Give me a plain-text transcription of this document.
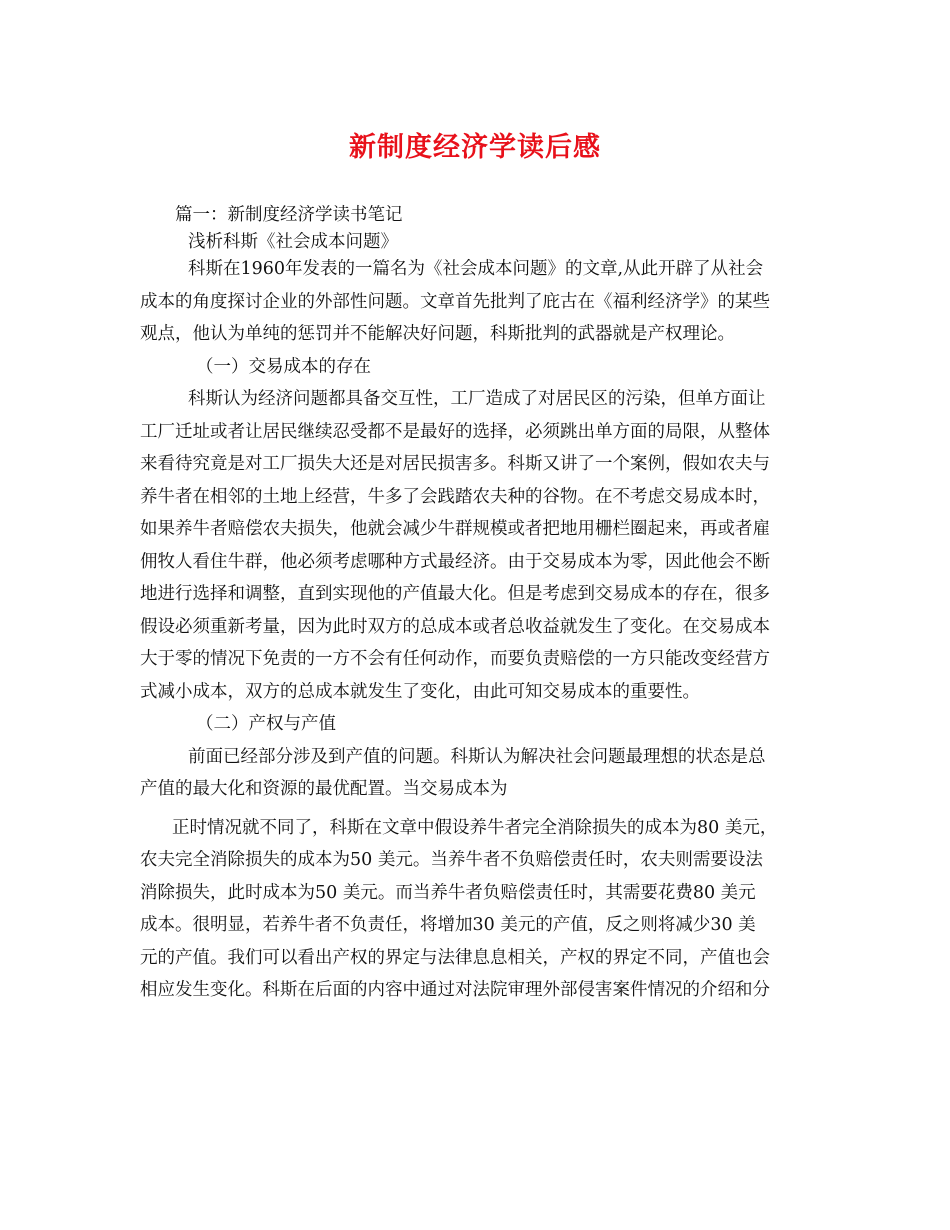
新制度经济学读后感
篇一：新制度经济学读书笔记
浅析科斯《社会成本问题》
科斯在1960年发表的一篇名为《社会成本问题》的文章,从此开辟了从社会
成本的角度探讨企业的外部性问题。文章首先批判了庇古在《福利经济学》的某些
观点，他认为单纯的惩罚并不能解决好问题，科斯批判的武器就是产权理论。
（一）交易成本的存在
科斯认为经济问题都具备交互性，工厂造成了对居民区的污染，但单方面让
工厂迁址或者让居民继续忍受都不是最好的选择，必须跳出单方面的局限，从整体
来看待究竟是对工厂损失大还是对居民损害多。科斯又讲了一个案例，假如农夫与
养牛者在相邻的土地上经营，牛多了会践踏农夫种的谷物。在不考虑交易成本时，
如果养牛者赔偿农夫损失，他就会减少牛群规模或者把地用栅栏圈起来，再或者雇
佣牧人看住牛群，他必须考虑哪种方式最经济。由于交易成本为零，因此他会不断
地进行选择和调整，直到实现他的产值最大化。但是考虑到交易成本的存在，很多
假设必须重新考量，因为此时双方的总成本或者总收益就发生了变化。在交易成本
大于零的情况下免责的一方不会有任何动作，而要负责赔偿的一方只能改变经营方
式减小成本，双方的总成本就发生了变化，由此可知交易成本的重要性。
（二）产权与产值
前面已经部分涉及到产值的问题。科斯认为解决社会问题最理想的状态是总
产值的最大化和资源的最优配置。当交易成本为
正时情况就不同了，科斯在文章中假设养牛者完全消除损失的成本为80 美元，
农夫完全消除损失的成本为50 美元。当养牛者不负赔偿责任时，农夫则需要设法
消除损失，此时成本为50 美元。而当养牛者负赔偿责任时，其需要花费80 美元
成本。很明显，若养牛者不负责任，将增加30 美元的产值，反之则将减少30 美
元的产值。我们可以看出产权的界定与法律息息相关，产权的界定不同，产值也会
相应发生变化。科斯在后面的内容中通过对法院审理外部侵害案件情况的介绍和分
